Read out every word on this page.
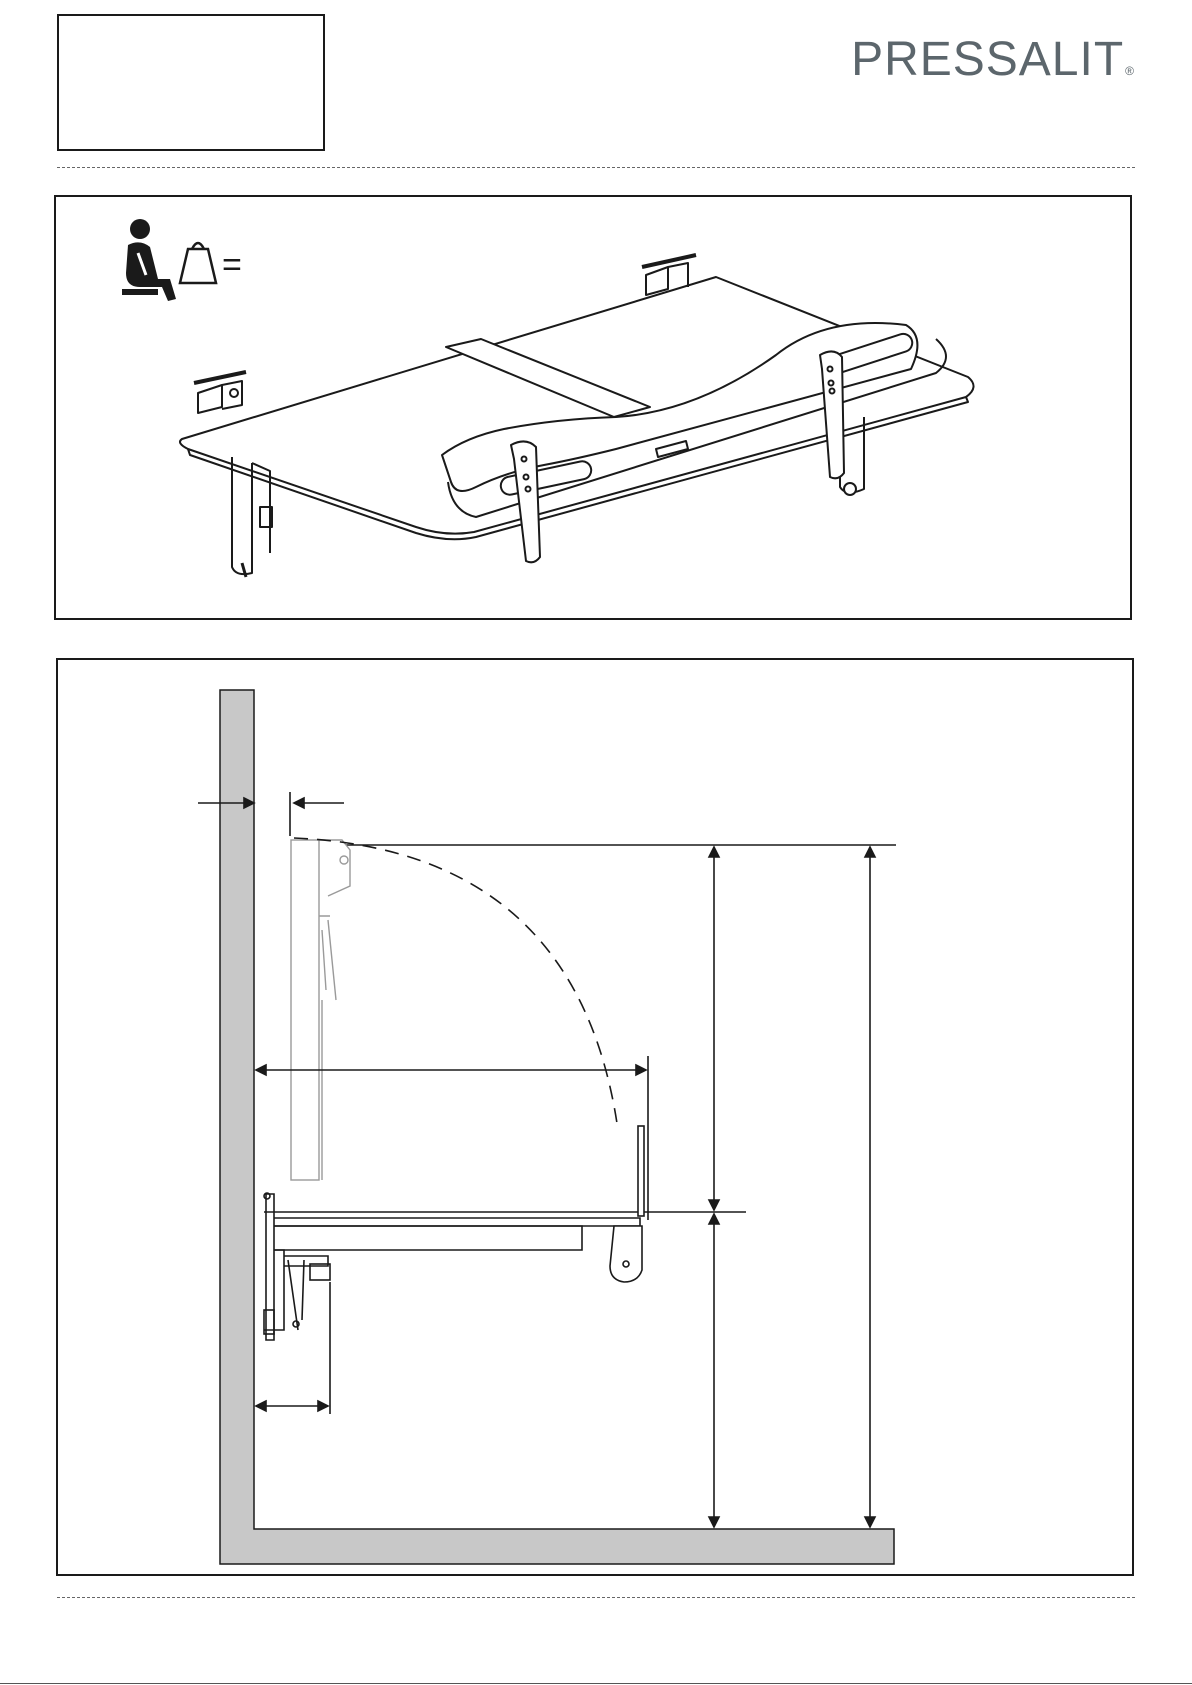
PRESSALIT®
=
